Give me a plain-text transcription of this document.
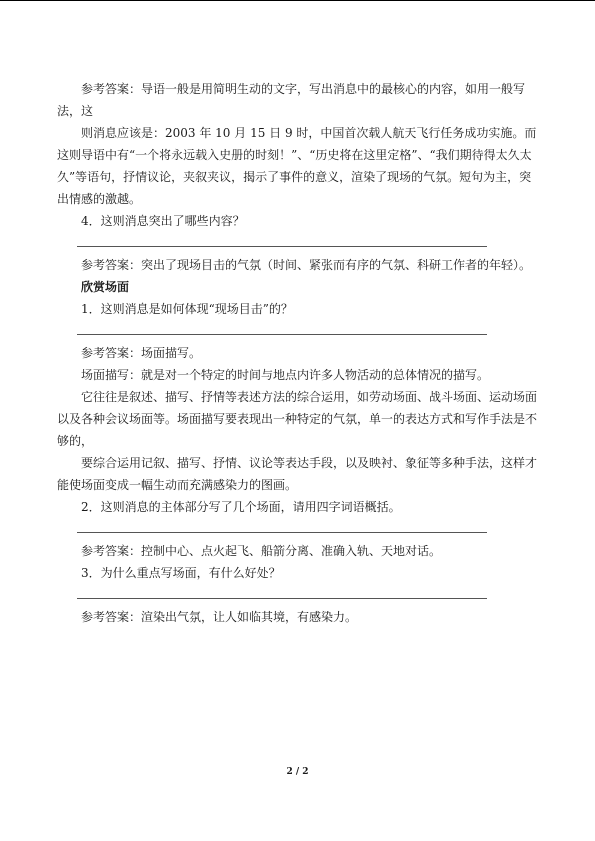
参考答案：导语一般是用简明生动的文字，写出消息中的最核心的内容，如用一般写法，这
则消息应该是：2003 年 10 月 15 日 9 时，中国首次载人航天飞行任务成功实施。而这则导语中有“一个将永远载入史册的时刻！”、“历史将在这里定格”、“我们期待得太久太久”等语句，抒情议论，夹叙夹议，揭示了事件的意义，渲染了现场的气氛。短句为主，突出情感的激越。
4．这则消息突出了哪些内容？
参考答案：突出了现场目击的气氛（时间、紧张而有序的气氛、科研工作者的年轻）。
欣赏场面
1．这则消息是如何体现“现场目击”的？
参考答案：场面描写。
场面描写：就是对一个特定的时间与地点内许多人物活动的总体情况的描写。
它往往是叙述、描写、抒情等表述方法的综合运用，如劳动场面、战斗场面、运动场面以及各种会议场面等。场面描写要表现出一种特定的气氛，单一的表达方式和写作手法是不够的，
要综合运用记叙、描写、抒情、议论等表达手段，以及映衬、象征等多种手法，这样才能使场面变成一幅生动而充满感染力的图画。
2．这则消息的主体部分写了几个场面，请用四字词语概括。
参考答案：控制中心、点火起飞、船箭分离、准确入轨、天地对话。
3．为什么重点写场面，有什么好处？
参考答案：渲染出气氛，让人如临其境，有感染力。
2 / 2
